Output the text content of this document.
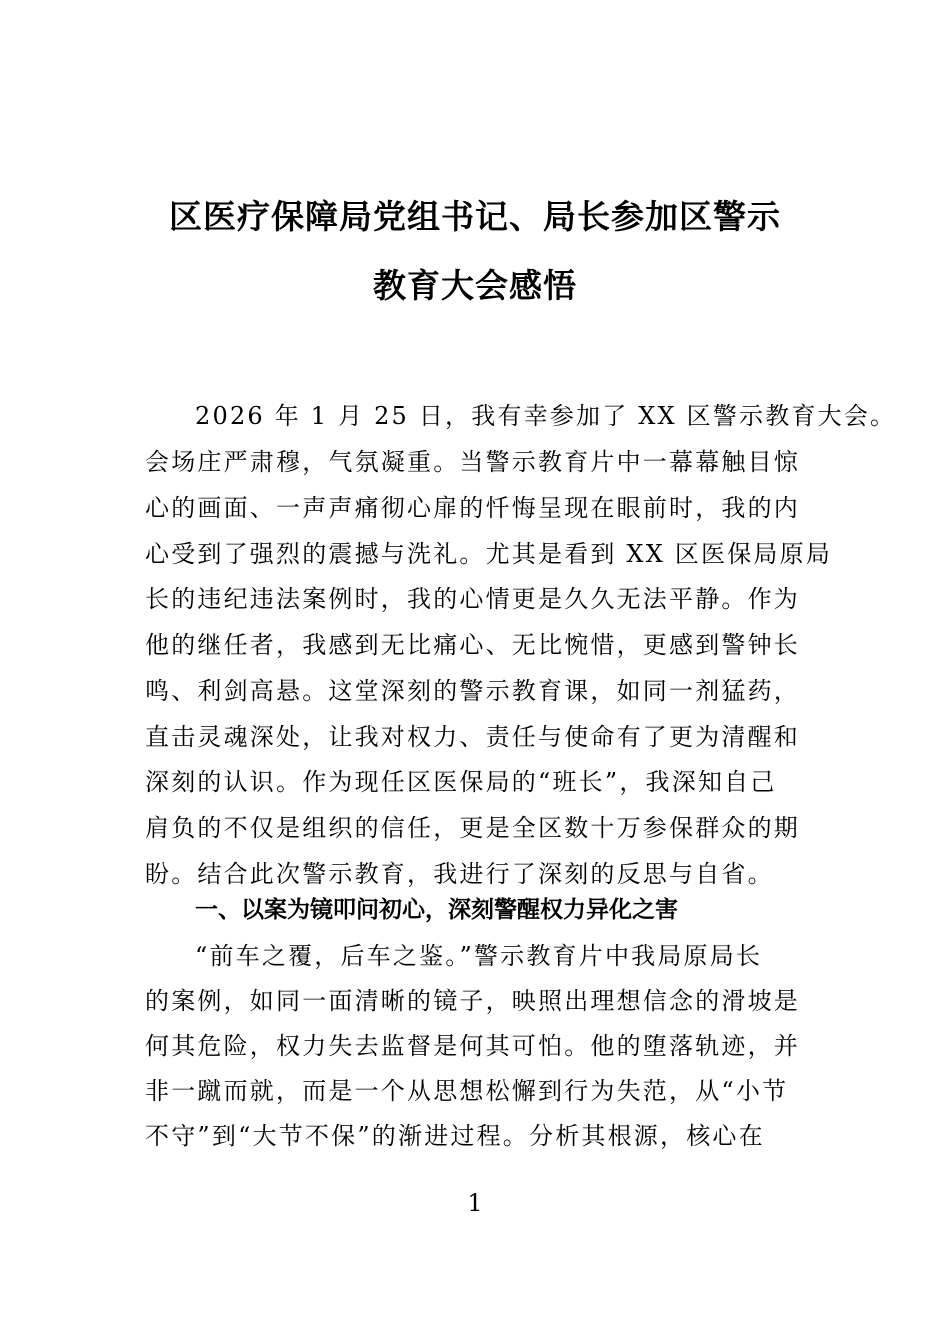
区医疗保障局党组书记、局长参加区警示
教育大会感悟
2026 年 1 月 25 日，我有幸参加了 XX 区警示教育大会。
会场庄严肃穆，气氛凝重。当警示教育片中一幕幕触目惊
心的画面、一声声痛彻心扉的忏悔呈现在眼前时，我的内
心受到了强烈的震撼与洗礼。尤其是看到 XX 区医保局原局
长的违纪违法案例时，我的心情更是久久无法平静。作为
他的继任者，我感到无比痛心、无比惋惜，更感到警钟长
鸣、利剑高悬。这堂深刻的警示教育课，如同一剂猛药，
直击灵魂深处，让我对权力、责任与使命有了更为清醒和
深刻的认识。作为现任区医保局的“班长”，我深知自己
肩负的不仅是组织的信任，更是全区数十万参保群众的期
盼。结合此次警示教育，我进行了深刻的反思与自省。
一、以案为镜叩问初心，深刻警醒权力异化之害
“前车之覆，后车之鉴。”警示教育片中我局原局长
的案例，如同一面清晰的镜子，映照出理想信念的滑坡是
何其危险，权力失去监督是何其可怕。他的堕落轨迹，并
非一蹴而就，而是一个从思想松懈到行为失范，从“小节
不守”到“大节不保”的渐进过程。分析其根源，核心在
1
